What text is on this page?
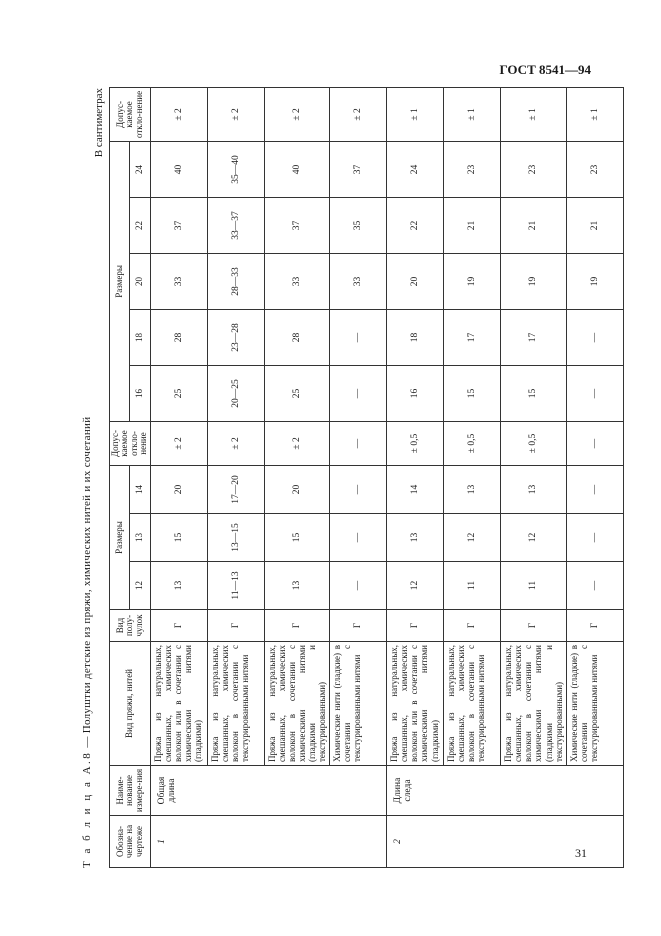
ГОСТ 8541—94
Т а б л и ц а А.8 — Полуштки детские из пряжи, химических нитей и их сочетаний
В сантиметрах
Обозна-чение на чертеже	Наиме-нование измере-ния	Вид пряжи, нитей	Вид полу-чулок	Размеры			Допус-каемое откло-нение	Размеры					Допус-каемое откло-нение
				12	13	14		16	18	20	22	24	
1	Общая длина	Пряжа из натуральных, смешанных, химических волокон или в сочетании с химическими нитями (гладкими)	Г	13	15	20	± 2	25	28	33	37	40	± 2
		Пряжа из натуральных, смешанных, химических волокон в сочетании с текстурированными нитями	Г	11—13	13—15	17—20	± 2	20—25	23—28	28—33	33—37	35—40	± 2
		Пряжа из натуральных, смешанных, химических волокон в сочетании с химическими нитями (гладкими и текстурированными)	Г	13	15	20	± 2	25	28	33	37	40	± 2
		Химические нити (гладкие) в сочетании с текстурированными нитями	Г	—	—	—	—	—	—	33	35	37	± 2
2	Длина следа	Пряжа из натуральных, смешанных, химических волокон или в сочетании с химическими нитями (гладкими)	Г	12	13	14	± 0,5	16	18	20	22	24	± 1
		Пряжа из натуральных, смешанных, химических волокон в сочетании с текстурированными нитями	Г	11	12	13	± 0,5	15	17	19	21	23	± 1
		Пряжа из натуральных, смешанных, химических волокон в сочетании с химическими нитями (гладкими и текстурированными)	Г	11	12	13	± 0,5	15	17	19	21	23	± 1
		Химические нити (гладкие) в сочетании с текстурированными нитями	Г	—	—	—	—	—	—	19	21	23	± 1
31
